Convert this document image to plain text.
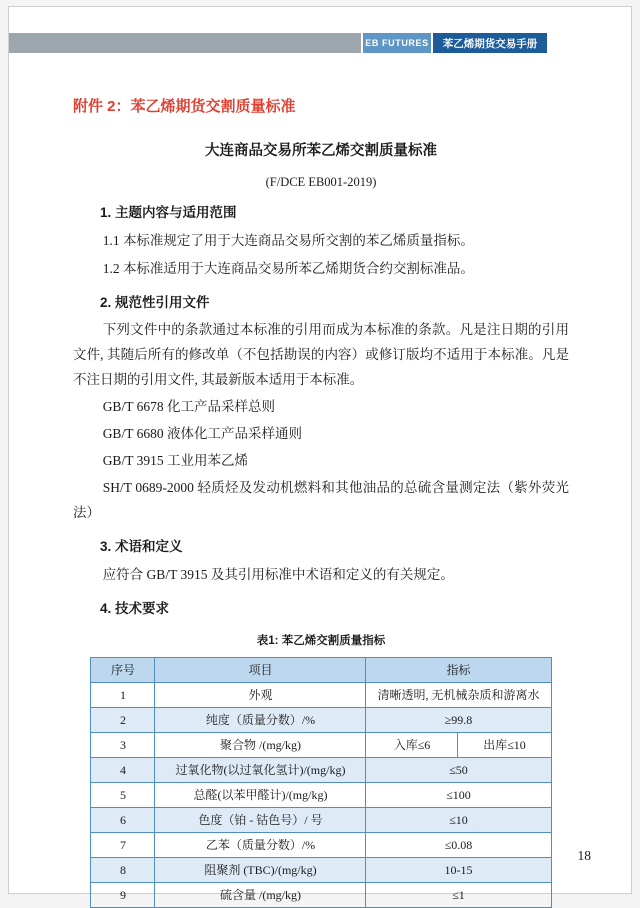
EB FUTURES 苯乙烯期货交易手册
附件 2：苯乙烯期货交割质量标准
大连商品交易所苯乙烯交割质量标准
(F/DCE EB001-2019)
1. 主题内容与适用范围

1.1 本标准规定了用于大连商品交易所交割的苯乙烯质量指标。

1.2 本标准适用于大连商品交易所苯乙烯期货合约交割标准品。

2. 规范性引用文件

下列文件中的条款通过本标准的引用而成为本标准的条款。凡是注日期的引用文件, 其随后所有的修改单（不包括勘误的内容）或修订版均不适用于本标准。凡是不注日期的引用文件, 其最新版本适用于本标准。

GB/T 6678 化工产品采样总则

GB/T 6680 液体化工产品采样通则

GB/T 3915 工业用苯乙烯

SH/T 0689-2000 轻质烃及发动机燃料和其他油品的总硫含量测定法（紫外荧光法）

3. 术语和定义

应符合 GB/T 3915 及其引用标准中术语和定义的有关规定。

4. 技术要求
表1: 苯乙烯交割质量指标
序号	项目	指标	
1	外观	清晰透明, 无机械杂质和游离水	
2	纯度（质量分数）/%	≥99.8	
3	聚合物 /(mg/kg)	入库≤6	出库≤10
4	过氧化物(以过氧化氢计)/(mg/kg)	≤50	
5	总醛(以苯甲醛计)/(mg/kg)	≤100	
6	色度（铂 - 钴色号）/ 号	≤10	
7	乙苯（质量分数）/%	≤0.08	
8	阻聚剂 (TBC)/(mg/kg)	10-15	
9	硫含量 /(mg/kg)	≤1	
18
